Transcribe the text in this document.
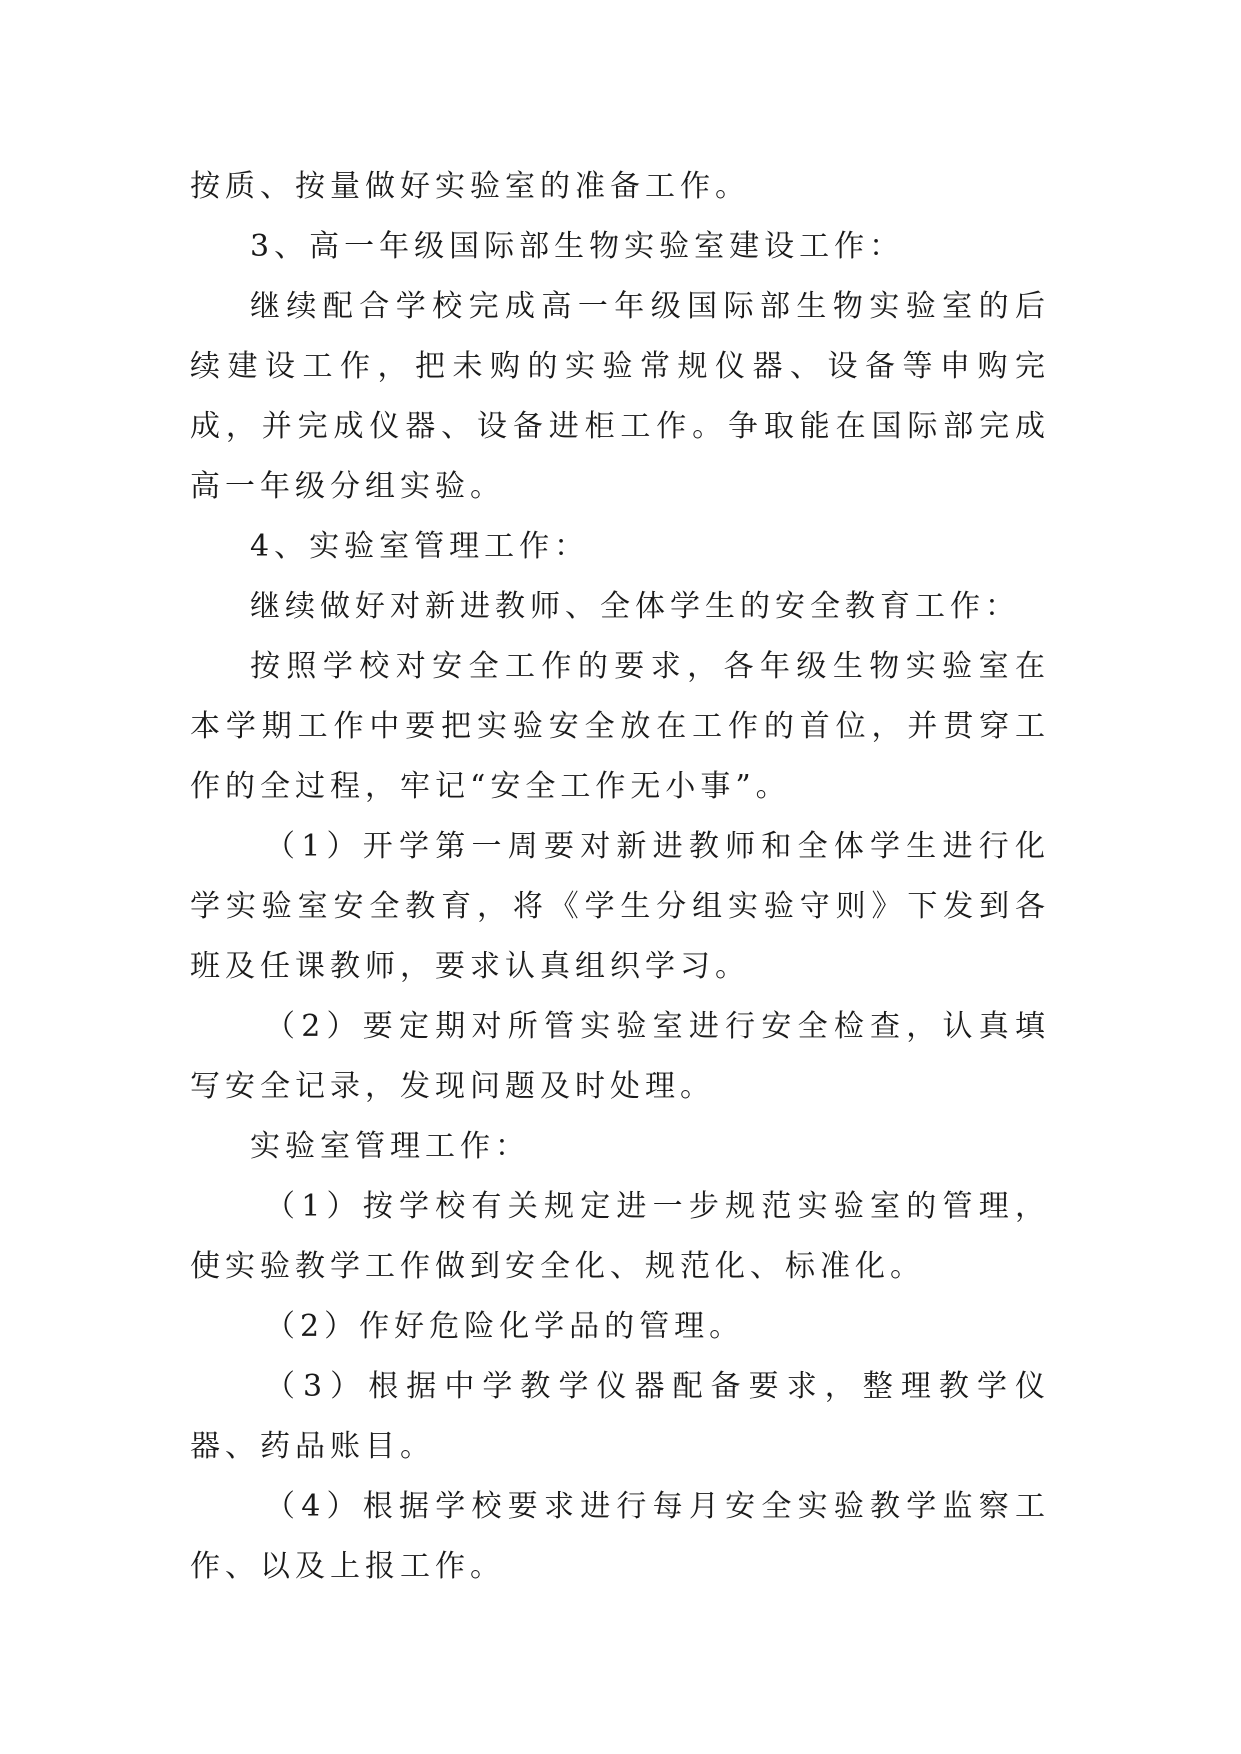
按质、按量做好实验室的准备工作。

3、高一年级国际部生物实验室建设工作：

继续配合学校完成高一年级国际部生物实验室的后续建设工作，把未购的实验常规仪器、设备等申购完成，并完成仪器、设备进柜工作。争取能在国际部完成高一年级分组实验。

4、实验室管理工作：

继续做好对新进教师、全体学生的安全教育工作：

按照学校对安全工作的要求，各年级生物实验室在本学期工作中要把实验安全放在工作的首位，并贯穿工作的全过程，牢记“安全工作无小事”。

（1）开学第一周要对新进教师和全体学生进行化学实验室安全教育，将《学生分组实验守则》下发到各班及任课教师，要求认真组织学习。

（2）要定期对所管实验室进行安全检查，认真填写安全记录，发现问题及时处理。

实验室管理工作：

（1）按学校有关规定进一步规范实验室的管理，使实验教学工作做到安全化、规范化、标准化。

（2）作好危险化学品的管理。

（3）根据中学教学仪器配备要求，整理教学仪器、药品账目。

（4）根据学校要求进行每月安全实验教学监察工作、以及上报工作。
